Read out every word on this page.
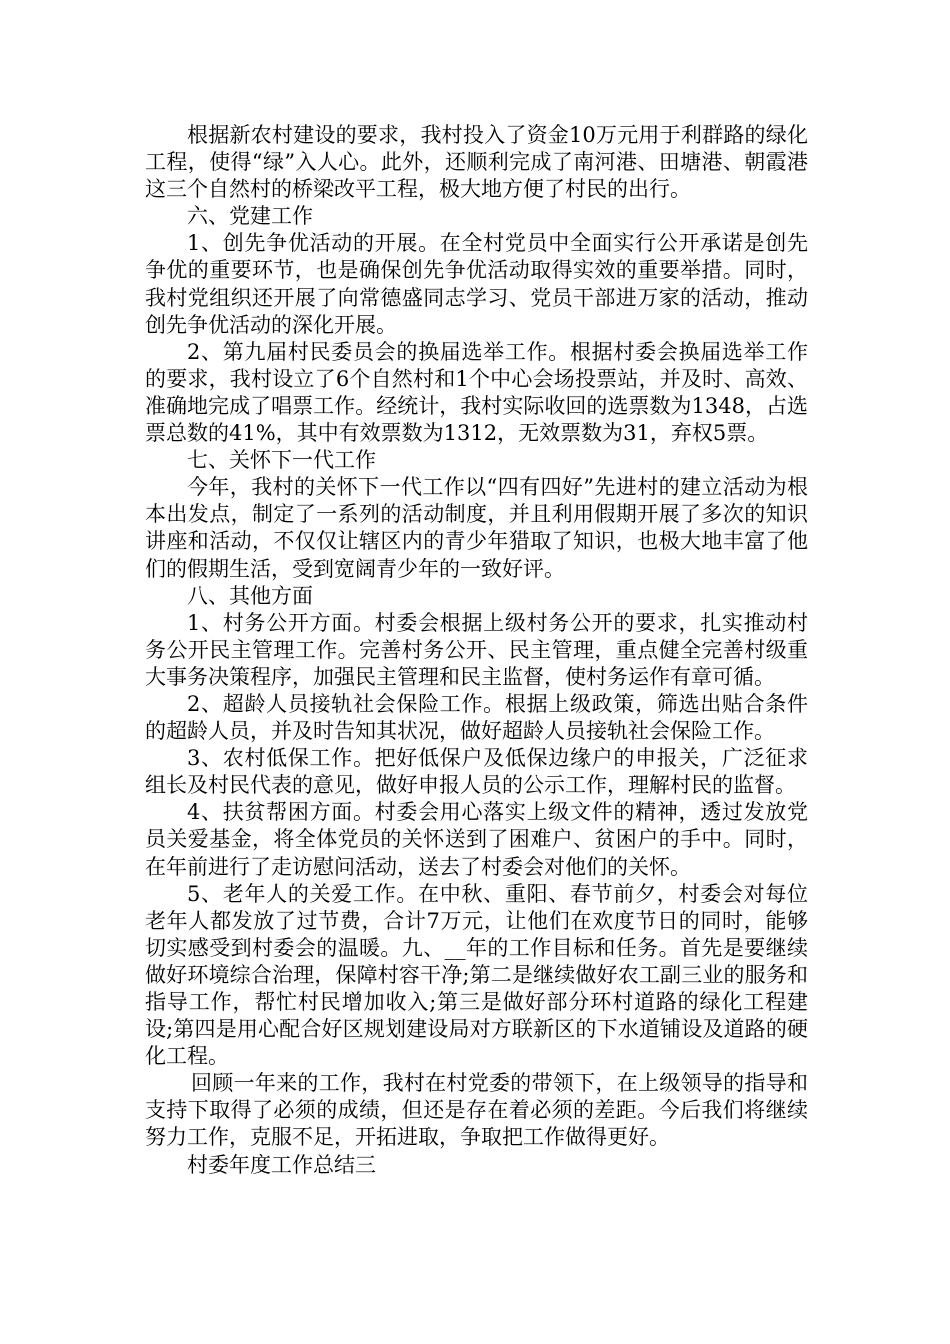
根据新农村建设的要求，我村投入了资金10万元用于利群路的绿化工程，使得“绿”入人心。此外，还顺利完成了南河港、田塘港、朝霞港这三个自然村的桥梁改平工程，极大地方便了村民的出行。

六、党建工作

1、创先争优活动的开展。在全村党员中全面实行公开承诺是创先争优的重要环节，也是确保创先争优活动取得实效的重要举措。同时，我村党组织还开展了向常德盛同志学习、党员干部进万家的活动，推动创先争优活动的深化开展。

2、第九届村民委员会的换届选举工作。根据村委会换届选举工作的要求，我村设立了6个自然村和1个中心会场投票站，并及时、高效、准确地完成了唱票工作。经统计，我村实际收回的选票数为1348，占选票总数的41%，其中有效票数为1312，无效票数为31，弃权5票。

七、关怀下一代工作

今年，我村的关怀下一代工作以“四有四好”先进村的建立活动为根本出发点，制定了一系列的活动制度，并且利用假期开展了多次的知识讲座和活动，不仅仅让辖区内的青少年猎取了知识，也极大地丰富了他们的假期生活，受到宽阔青少年的一致好评。

八、其他方面

1、村务公开方面。村委会根据上级村务公开的要求，扎实推动村务公开民主管理工作。完善村务公开、民主管理，重点健全完善村级重大事务决策程序，加强民主管理和民主监督，使村务运作有章可循。

2、超龄人员接轨社会保险工作。根据上级政策，筛选出贴合条件的超龄人员，并及时告知其状况，做好超龄人员接轨社会保险工作。

3、农村低保工作。把好低保户及低保边缘户的申报关，广泛征求组长及村民代表的意见，做好申报人员的公示工作，理解村民的监督。

4、扶贫帮困方面。村委会用心落实上级文件的精神，透过发放党员关爱基金，将全体党员的关怀送到了困难户、贫困户的手中。同时，在年前进行了走访慰问活动，送去了村委会对他们的关怀。

5、老年人的关爱工作。在中秋、重阳、春节前夕，村委会对每位老年人都发放了过节费，合计7万元，让他们在欢度节日的同时，能够切实感受到村委会的温暖。九、__年的工作目标和任务。首先是要继续做好环境综合治理，保障村容干净;第二是继续做好农工副三业的服务和指导工作，帮忙村民增加收入;第三是做好部分环村道路的绿化工程建设;第四是用心配合好区规划建设局对方联新区的下水道铺设及道路的硬化工程。

回顾一年来的工作，我村在村党委的带领下，在上级领导的指导和支持下取得了必须的成绩，但还是存在着必须的差距。今后我们将继续努力工作，克服不足，开拓进取，争取把工作做得更好。

村委年度工作总结三
